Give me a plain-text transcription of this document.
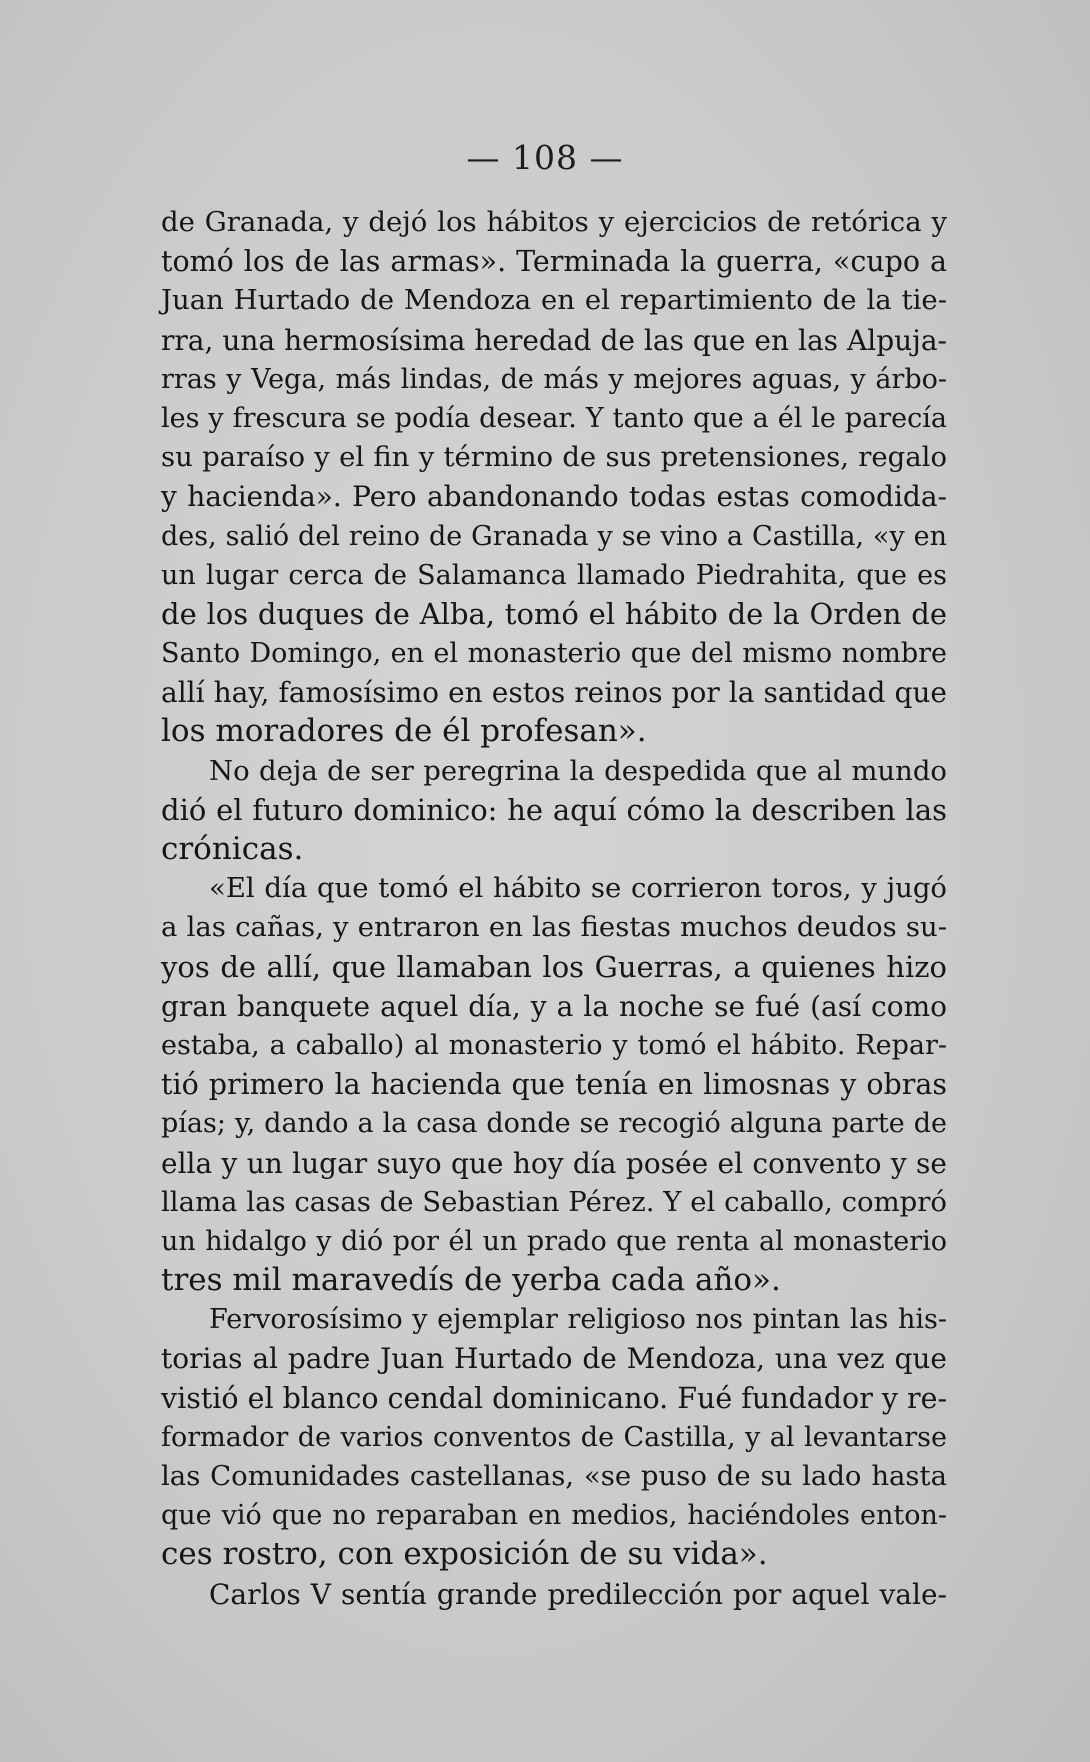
— 108 —
de Granada, y dejó los hábitos y ejercicios de retórica y
tomó los de las armas». Terminada la guerra, «cupo a
Juan Hurtado de Mendoza en el repartimiento de la tie-
rra, una hermosísima heredad de las que en las Alpuja-
rras y Vega, más lindas, de más y mejores aguas, y árbo-
les y frescura se podía desear. Y tanto que a él le parecía
su paraíso y el fin y término de sus pretensiones, regalo
y hacienda». Pero abandonando todas estas comodida-
des, salió del reino de Granada y se vino a Castilla, «y en
un lugar cerca de Salamanca llamado Piedrahita, que es
de los duques de Alba, tomó el hábito de la Orden de
Santo Domingo, en el monasterio que del mismo nombre
allí hay, famosísimo en estos reinos por la santidad que
los moradores de él profesan».
No deja de ser peregrina la despedida que al mundo
dió el futuro dominico: he aquí cómo la describen las
crónicas.
«El día que tomó el hábito se corrieron toros, y jugó
a las cañas, y entraron en las fiestas muchos deudos su-
yos de allí, que llamaban los Guerras, a quienes hizo
gran banquete aquel día, y a la noche se fué (así como
estaba, a caballo) al monasterio y tomó el hábito. Repar-
tió primero la hacienda que tenía en limosnas y obras
pías; y, dando a la casa donde se recogió alguna parte de
ella y un lugar suyo que hoy día posée el convento y se
llama las casas de Sebastian Pérez. Y el caballo, compró
un hidalgo y dió por él un prado que renta al monasterio
tres mil maravedís de yerba cada año».
Fervorosísimo y ejemplar religioso nos pintan las his-
torias al padre Juan Hurtado de Mendoza, una vez que
vistió el blanco cendal dominicano. Fué fundador y re-
formador de varios conventos de Castilla, y al levantarse
las Comunidades castellanas, «se puso de su lado hasta
que vió que no reparaban en medios, haciéndoles enton-
ces rostro, con exposición de su vida».
Carlos V sentía grande predilección por aquel vale-
